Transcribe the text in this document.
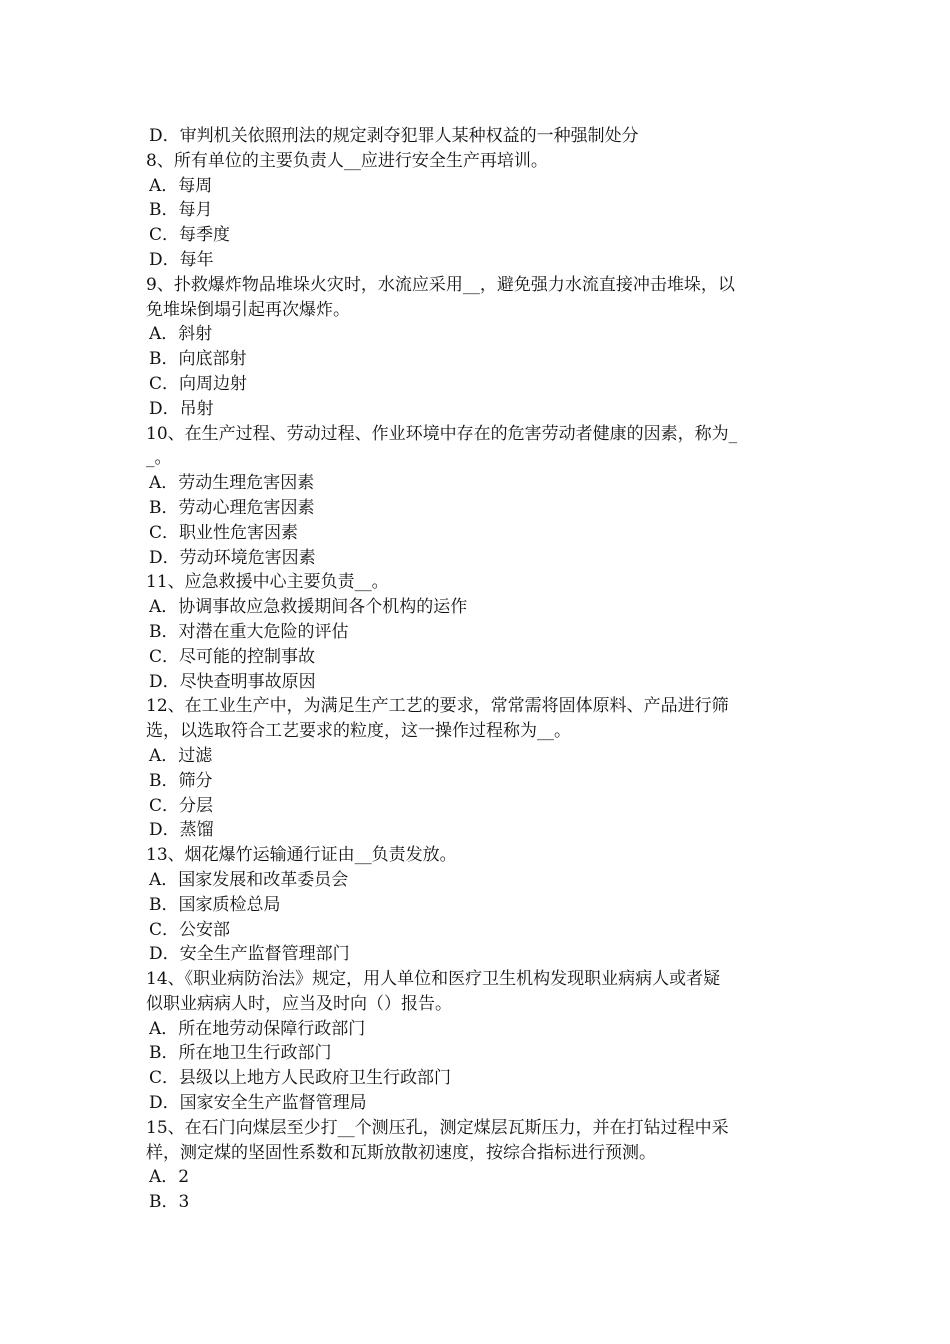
D．审判机关依照刑法的规定剥夺犯罪人某种权益的一种强制处分

8、所有单位的主要负责人__应进行安全生产再培训。

A．每周

B．每月

C．每季度

D．每年

9、扑救爆炸物品堆垛火灾时，水流应采用__，避免强力水流直接冲击堆垛，以

免堆垛倒塌引起再次爆炸。

A．斜射

B．向底部射

C．向周边射

D．吊射

10、在生产过程、劳动过程、作业环境中存在的危害劳动者健康的因素，称为_

_。

A．劳动生理危害因素

B．劳动心理危害因素

C．职业性危害因素

D．劳动环境危害因素

11、应急救援中心主要负责__。

A．协调事故应急救援期间各个机构的运作

B．对潜在重大危险的评估

C．尽可能的控制事故

D．尽快查明事故原因

12、在工业生产中，为满足生产工艺的要求，常常需将固体原料、产品进行筛

选，以选取符合工艺要求的粒度，这一操作过程称为__。

A．过滤

B．筛分

C．分层

D．蒸馏

13、烟花爆竹运输通行证由__负责发放。

A．国家发展和改革委员会

B．国家质检总局

C．公安部

D．安全生产监督管理部门

14、《职业病防治法》规定，用人单位和医疗卫生机构发现职业病病人或者疑

似职业病病人时，应当及时向（）报告。

A．所在地劳动保障行政部门

B．所在地卫生行政部门

C．县级以上地方人民政府卫生行政部门

D．国家安全生产监督管理局

15、在石门向煤层至少打__个测压孔，测定煤层瓦斯压力，并在打钻过程中采

样，测定煤的坚固性系数和瓦斯放散初速度，按综合指标进行预测。

A．2

B．3
